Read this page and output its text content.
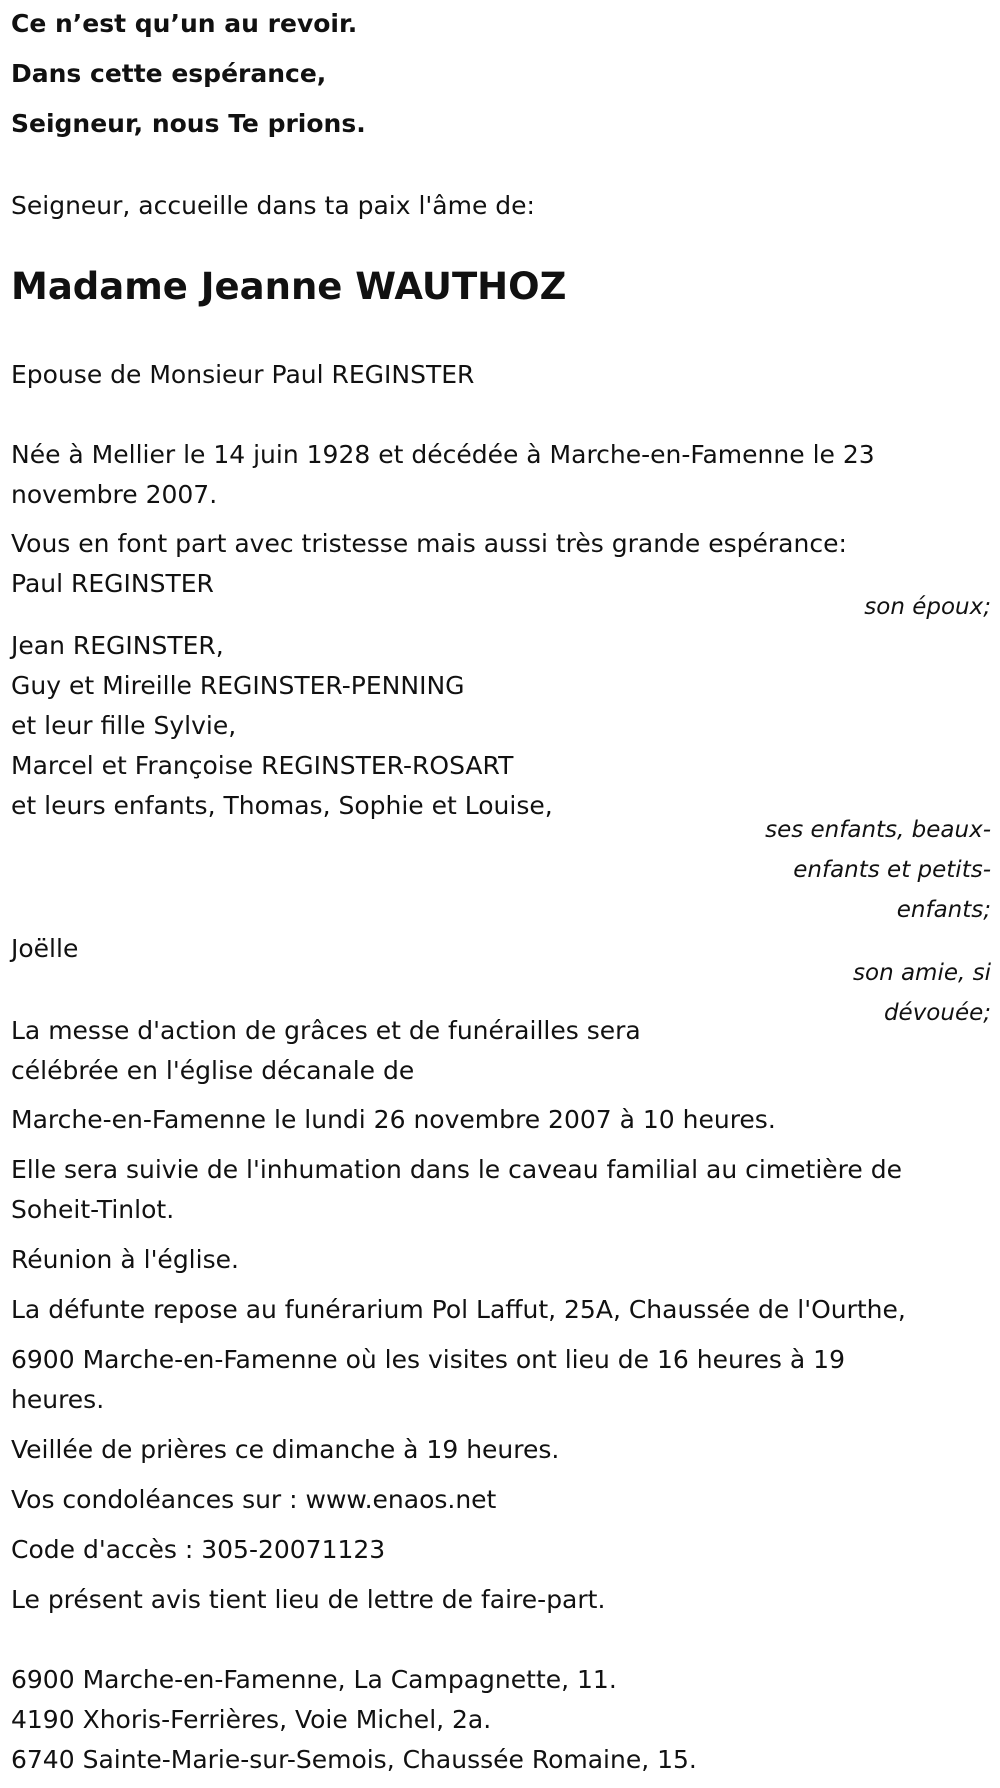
Ce n’est qu’un au revoir.
Dans cette espérance,
Seigneur, nous Te prions.
Seigneur, accueille dans ta paix l'âme de:
Madame Jeanne WAUTHOZ
Epouse de Monsieur Paul REGINSTER
Née à Mellier le 14 juin 1928 et décédée à Marche-en-Famenne le 23
novembre 2007.
Vous en font part avec tristesse mais aussi très grande espérance:
Paul REGINSTER
son époux;
Jean REGINSTER,
Guy et Mireille REGINSTER-PENNING
et leur fille Sylvie,
Marcel et Françoise REGINSTER-ROSART
et leurs enfants, Thomas, Sophie et Louise,
ses enfants, beaux-
enfants et petits-
enfants;
Joëlle
son amie, si
dévouée;
La messe d'action de grâces et de funérailles sera
célébrée en l'église décanale de
Marche-en-Famenne le lundi 26 novembre 2007 à 10 heures.
Elle sera suivie de l'inhumation dans le caveau familial au cimetière de
Soheit-Tinlot.
Réunion à l'église.
La défunte repose au funérarium Pol Laffut, 25A, Chaussée de l'Ourthe,
6900 Marche-en-Famenne où les visites ont lieu de 16 heures à 19
heures.
Veillée de prières ce dimanche à 19 heures.
Vos condoléances sur : www.enaos.net
Code d'accès : 305-20071123
Le présent avis tient lieu de lettre de faire-part.
6900 Marche-en-Famenne, La Campagnette, 11.
4190 Xhoris-Ferrières, Voie Michel, 2a.
6740 Sainte-Marie-sur-Semois, Chaussée Romaine, 15.
